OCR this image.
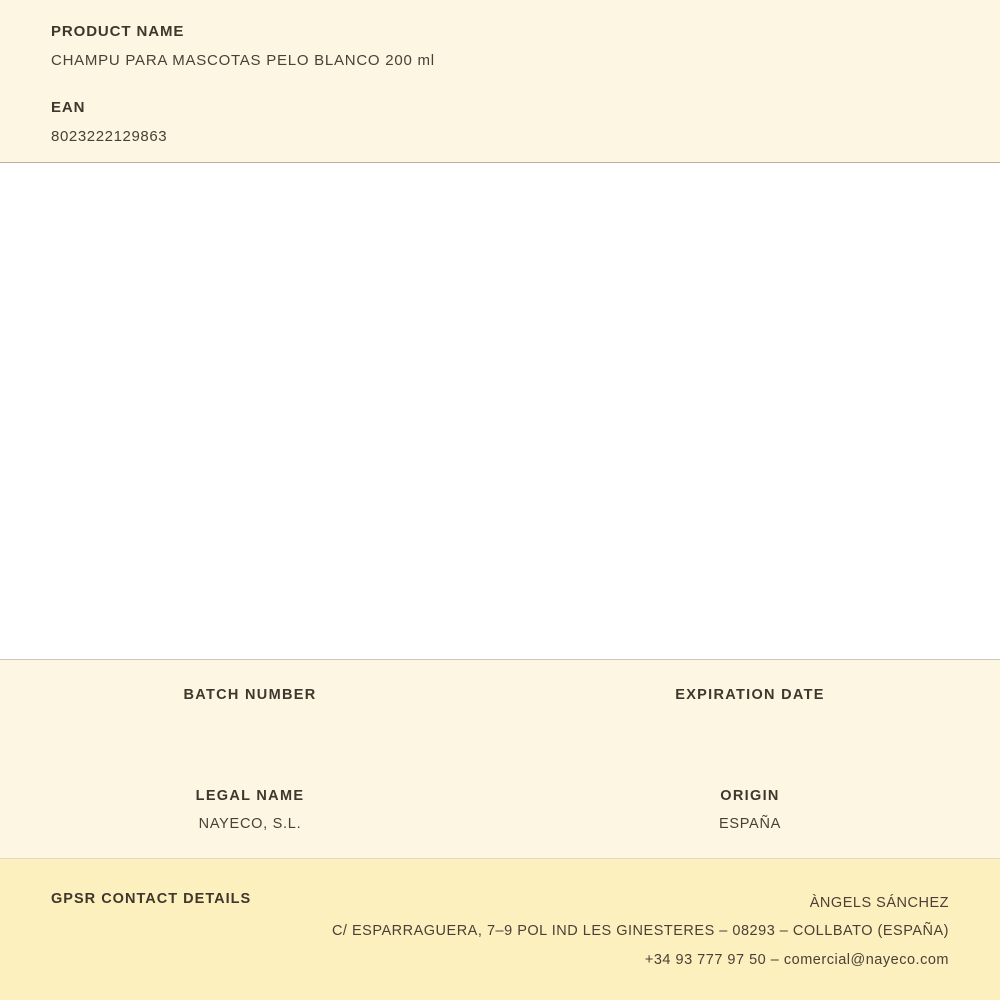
PRODUCT NAME
CHAMPU PARA MASCOTAS PELO BLANCO 200 ml
EAN
8023222129863
BATCH NUMBER	EXPIRATION DATE
LEGAL NAME
NAYECO, S.L.
ORIGIN
ESPAÑA
GPSR CONTACT DETAILS	ÀNGELS SÁNCHEZ
C/ ESPARRAGUERA, 7–9 POL IND LES GINESTERES – 08293 – COLLBATO (ESPAÑA)
+34 93 777 97 50 – comercial@nayeco.com
